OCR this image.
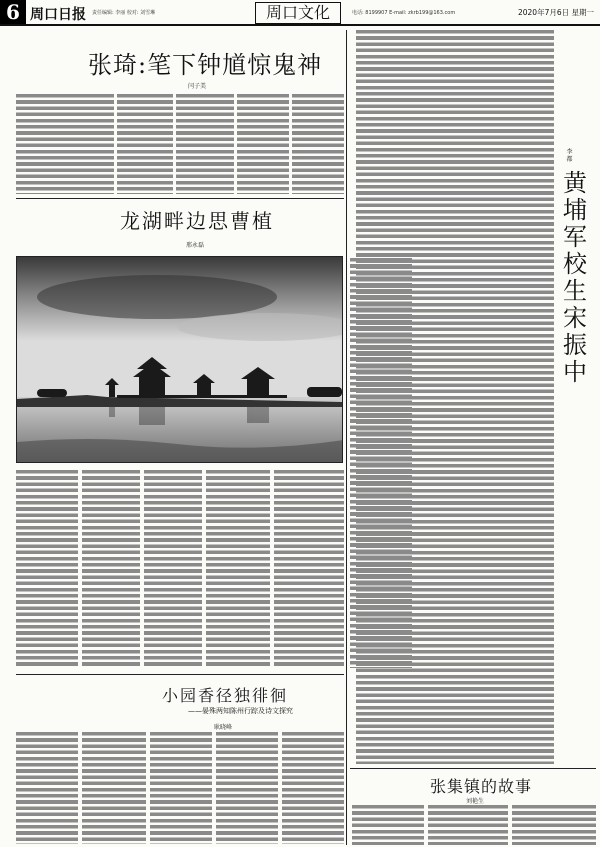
6 周口日报 责任编辑: 李丽 校对: 刘雪琳	周口文化	电话: 8199907 E-mail: zkrb199@163.com	2020年7月6日 星期一
张琦:笔下钟馗惊鬼神
闫子美
龙湖畔边思曹植
邢永磊
小园香径独徘徊
——晏殊两知陈州行踪及诗文探究
耿晓峰
李 都
黄埔军校生宋振中
张集镇的故事
刘艳生
